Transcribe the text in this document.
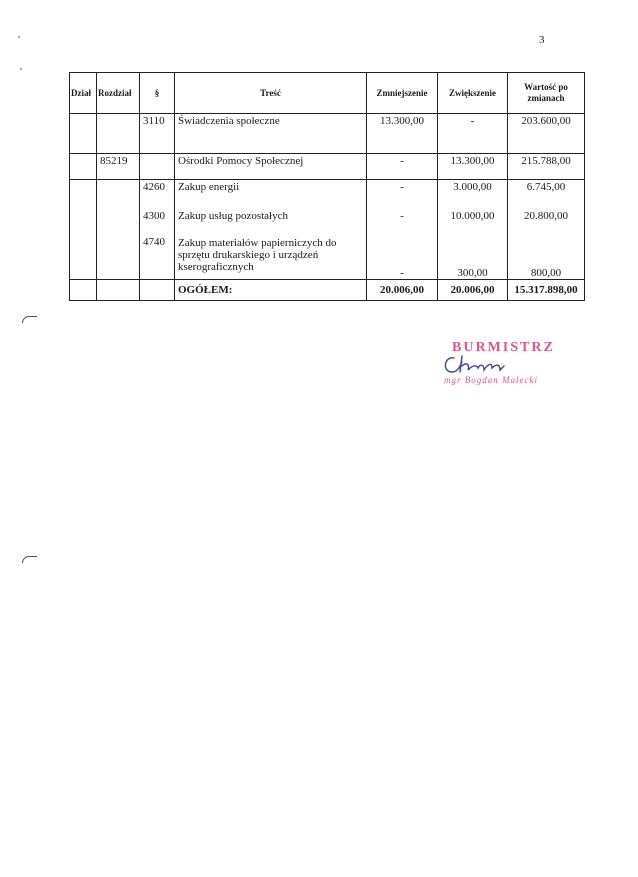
3
Dział	Rozdział	§	Treść	Zmniejszenie	Zwiększenie	Wartość po zmianach
		3110	Świadczenia społeczne	13.300,00	-	203.600,00
	85219		Ośrodki Pomocy Społecznej	-	13.300,00	215.788,00
		4260	Zakup energii	-	3.000,00	6.745,00
		4300	Zakup usług pozostałych	-	10.000,00	20.800,00
		4740	Zakup materiałów papierniczych do sprzętu drukarskiego i urządzeń kserograficznych	-	300,00	800,00
			OGÓŁEM:	20.006,00	20.006,00	15.317.898,00
BURMISTRZ
mgr Bogdan Małecki
